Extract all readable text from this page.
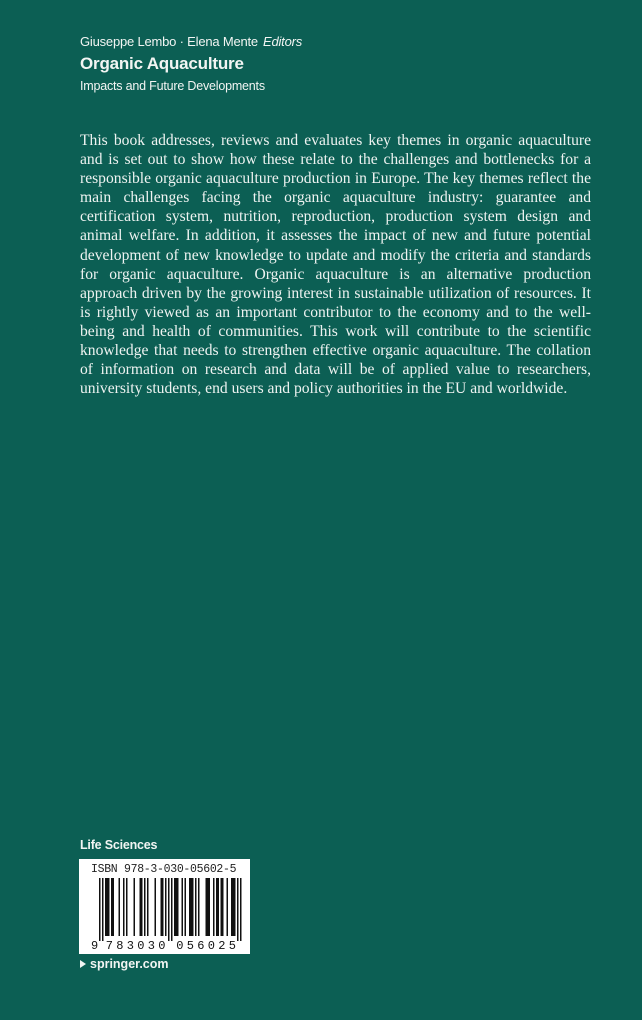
Giuseppe Lembo · Elena Mente Editors
Organic Aquaculture
Impacts and Future Developments

This book addresses, reviews and evaluates key themes in organic aquaculture and is set out to show how these relate to the challenges and bottlenecks for a responsible organic aquaculture production in Europe. The key themes reflect the main challenges facing the organic aquaculture industry: guarantee and certification system, nutrition, reproduction, production system design and animal welfare. In addition, it assesses the impact of new and future potential development of new knowledge to update and modify the criteria and standards for organic aquaculture. Organic aquaculture is an alternative production approach driven by the growing interest in sustainable utilization of resources. It is rightly viewed as an important contributor to the economy and to the well-being and health of communities. This work will contribute to the scientific knowledge that needs to strengthen effective organic aquaculture. The collation of information on research and data will be of applied value to researchers, university students, end users and policy authorities in the EU and worldwide.

Life Sciences
ISBN 978-3-030-05602-5
9 7	0
8	5
3	6
0	0
3	2
0	5
springer.com
